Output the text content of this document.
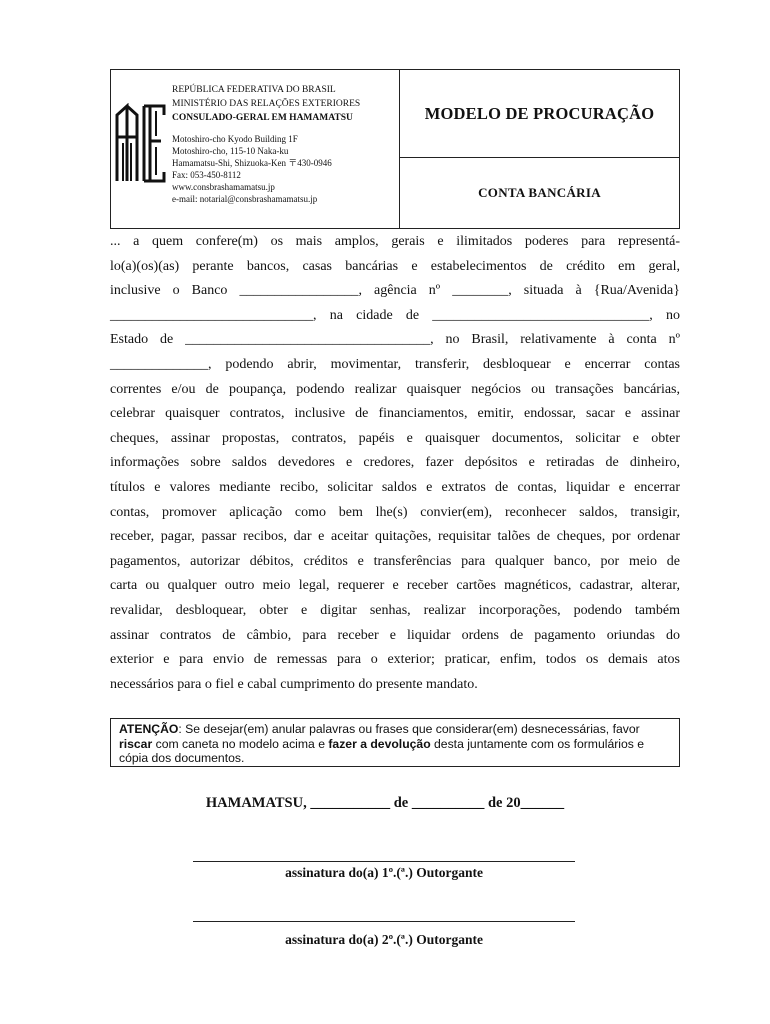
REPÚBLICA FEDERATIVA DO BRASIL
MINISTÉRIO DAS RELAÇÕES EXTERIORES
CONSULADO-GERAL EM HAMAMATSU
Motoshiro-cho Kyodo Building 1F
Motoshiro-cho, 115-10 Naka-ku
Hamamatsu-Shi, Shizuoka-Ken 〒430-0946
Fax: 053-450-8112
www.consbrashamamatsu.jp
e-mail: notarial@consbrashamamatsu.jp
MODELO DE PROCURAÇÃO
CONTA BANCÁRIA

... a quem confere(m) os mais amplos, gerais e ilimitados poderes para representá-

lo(a)(os)(as) perante bancos, casas bancárias e estabelecimentos de crédito em geral,

inclusive o Banco _________________, agência nº ________, situada à {Rua/Avenida}

_____________________________, na cidade de _______________________________, no

Estado de ___________________________________, no Brasil, relativamente à conta nº

______________, podendo abrir, movimentar, transferir, desbloquear e encerrar contas

correntes e/ou de poupança, podendo realizar quaisquer negócios ou transações bancárias,

celebrar quaisquer contratos, inclusive de financiamentos, emitir, endossar, sacar e assinar

cheques, assinar propostas, contratos, papéis e quaisquer documentos, solicitar e obter

informações sobre saldos devedores e credores, fazer depósitos e retiradas de dinheiro,

títulos e valores mediante recibo, solicitar saldos e extratos de contas, liquidar e encerrar

contas, promover aplicação como bem lhe(s) convier(em), reconhecer saldos, transigir,

receber, pagar, passar recibos, dar e aceitar quitações, requisitar talões de cheques, por ordenar

pagamentos, autorizar débitos, créditos e transferências para qualquer banco, por meio de

carta ou qualquer outro meio legal, requerer e receber cartões magnéticos, cadastrar, alterar,

revalidar, desbloquear, obter e digitar senhas, realizar incorporações, podendo também

assinar contratos de câmbio, para receber e liquidar ordens de pagamento oriundas do

exterior e para envio de remessas para o exterior; praticar, enfim, todos os demais atos

necessários para o fiel e cabal cumprimento do presente mandato.

ATENÇÃO: Se desejar(em) anular palavras ou frases que considerar(em) desnecessárias, favor riscar com caneta no modelo acima e fazer a devolução desta juntamente com os formulários e cópia dos documentos.
HAMAMATSU, ___________ de __________ de 20______
assinatura do(a) 1º.(ª.) Outorgante
assinatura do(a) 2º.(ª.) Outorgante
